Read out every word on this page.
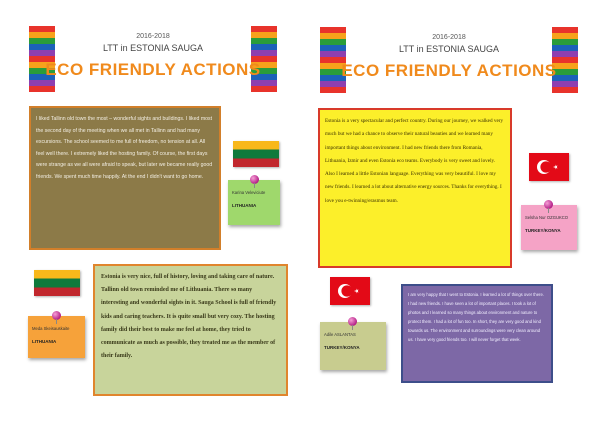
2016-2018
LTT in ESTONIA SAUGA
ECO FRIENDLY ACTIONS

I liked Tallinn old town the most – wonderful sights and buildings. I liked most the second day of the meeting when we all met in Tallinn and had many excursions. The school seemed to me full of freedom, no tension at all. All feel well there. I extremely liked the hosting family. Of course, the first days were strange as we all were afraid to speak, but later we became really good friends. We spent much time happily. At the end I didn't want to go home.

Karina Veleviciute
LITHUANIA
Meda Skeisauskaite
LITHUANIA

Estonia is very nice, full of history, loving and taking care of nature. Tallinn old town reminded me of Lithuania. There so many interesting and wonderful sights in it. Sauga School is full of friendly kids and caring teachers. It is quite small but very cozy. The hosting family did their best to make me feel at home, they tried to communicate as much as possible, they treated me as the member of their family.

2016-2018
LTT in ESTONIA SAUGA
ECO FRIENDLY ACTIONS

Estonia is a very spectacular and perfect country. During our journey, we walked very much but we had a chance to observe their natural beauties and we learned many important things about environment. I had new friends there from Romania, Lithuania, Izmir and even Estonia eco teams. Everybody is very sweet and lovely. Also I learned a little Estonian language. Everything was very beautiful. I love my new friends. I learned a lot about alternative energy sources. Thanks for everything. I love you e-twinning/erasmus team.

Selsha Nur OZGUKCO
TURKEY/KONYA
Adile ASLANTAS
TURKEY/KONYA

I am very happy that I went to Estonia. I learned a lot of things over there. I had new friends. I have seen a lot of important places. I took a lot of photos and I learned so many things about environment and nature to protect them. I had a lot of fun too. In short, they are very good and kind towards us. The environment and surroundings were very clean around us. I have very good friends too. I will never forget that week.
